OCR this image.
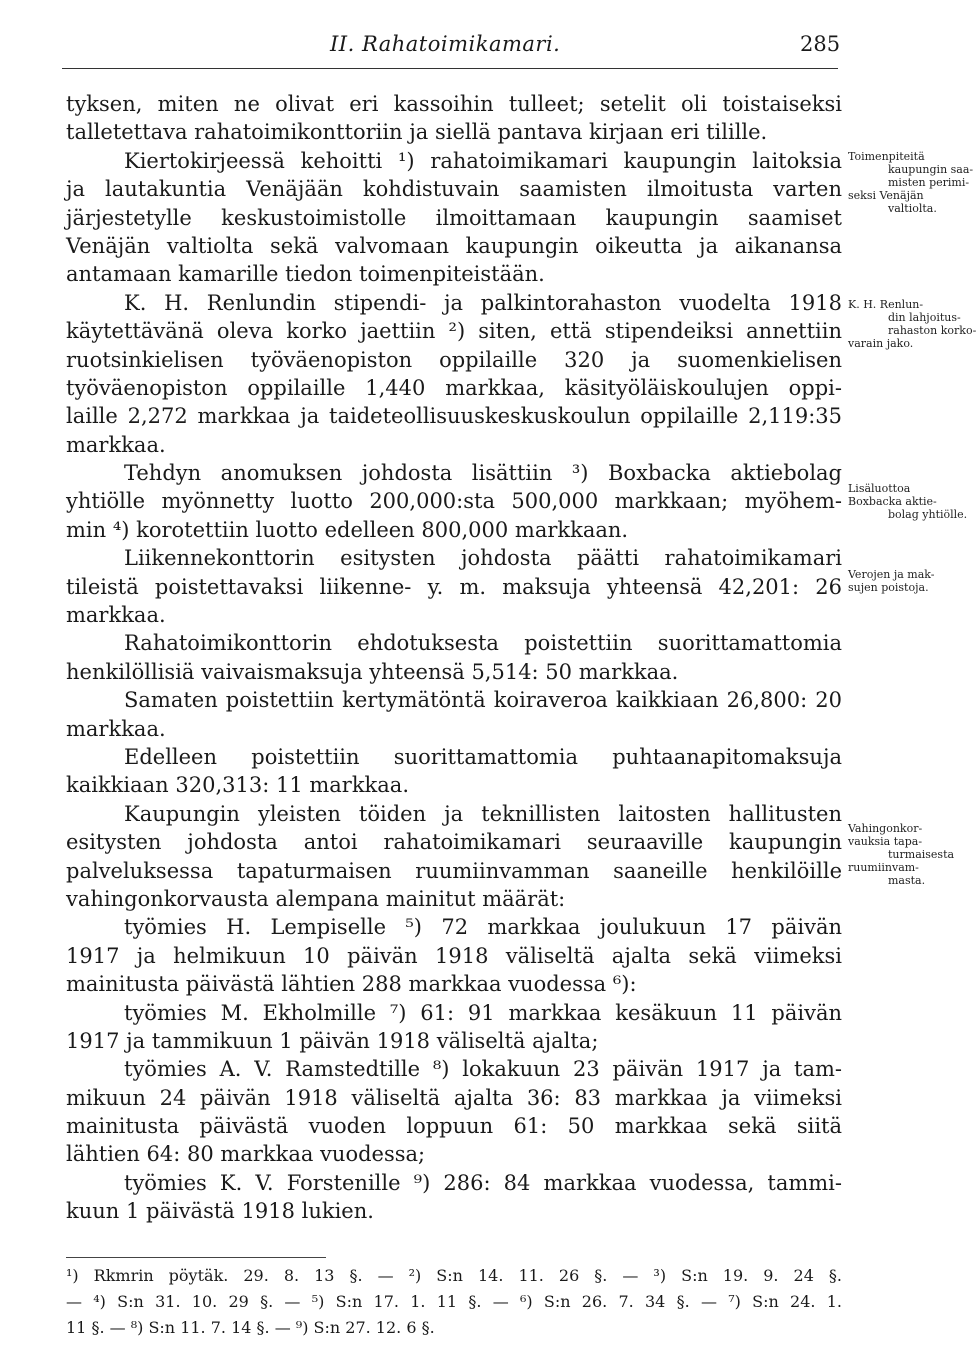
II. Rahatoimikamari.	285
tyksen, miten ne olivat eri kassoihin tulleet; setelit oli toistaiseksi
talletettava rahatoimikonttoriin ja siellä pantava kirjaan eri tilille.
Kiertokirjeessä kehoitti ¹) rahatoimikamari kaupungin laitoksia
ja lautakuntia Venäjään kohdistuvain saamisten ilmoitusta varten
järjestetylle keskustoimistolle ilmoittamaan kaupungin saamiset
Venäjän valtiolta sekä valvomaan kaupungin oikeutta ja aikanansa
antamaan kamarille tiedon toimenpiteistään.
K. H. Renlundin stipendi- ja palkintorahaston vuodelta 1918
käytettävänä oleva korko jaettiin ²) siten, että stipendeiksi annettiin
ruotsinkielisen työväenopiston oppilaille 320 ja suomenkielisen
työväenopiston oppilaille 1,440 markkaa, käsityöläiskoulujen oppi-
laille 2,272 markkaa ja taideteollisuuskeskuskoulun oppilaille 2,119:35
markkaa.
Tehdyn anomuksen johdosta lisättiin ³) Boxbacka aktiebolag
yhtiölle myönnetty luotto 200,000:sta 500,000 markkaan; myöhem-
min ⁴) korotettiin luotto edelleen 800,000 markkaan.
Liikennekonttorin esitysten johdosta päätti rahatoimikamari
tileistä poistettavaksi liikenne- y. m. maksuja yhteensä 42,201: 26
markkaa.
Rahatoimikonttorin ehdotuksesta poistettiin suorittamattomia
henkilöllisiä vaivaismaksuja yhteensä 5,514: 50 markkaa.
Samaten poistettiin kertymätöntä koiraveroa kaikkiaan 26,800: 20
markkaa.
Edelleen poistettiin suorittamattomia puhtaanapitomaksuja
kaikkiaan 320,313: 11 markkaa.
Kaupungin yleisten töiden ja teknillisten laitosten hallitusten
esitysten johdosta antoi rahatoimikamari seuraaville kaupungin
palveluksessa tapaturmaisen ruumiinvamman saaneille henkilöille
vahingonkorvausta alempana mainitut määrät:
työmies H. Lempiselle ⁵) 72 markkaa joulukuun 17 päivän
1917 ja helmikuun 10 päivän 1918 väliseltä ajalta sekä viimeksi
mainitusta päivästä lähtien 288 markkaa vuodessa ⁶):
työmies M. Ekholmille ⁷) 61: 91 markkaa kesäkuun 11 päivän
1917 ja tammikuun 1 päivän 1918 väliseltä ajalta;
työmies A. V. Ramstedtille ⁸) lokakuun 23 päivän 1917 ja tam-
mikuun 24 päivän 1918 väliseltä ajalta 36: 83 markkaa ja viimeksi
mainitusta päivästä vuoden loppuun 61: 50 markkaa sekä siitä
lähtien 64: 80 markkaa vuodessa;
työmies K. V. Forstenille ⁹) 286: 84 markkaa vuodessa, tammi-
kuun 1 päivästä 1918 lukien.
Toimenpiteitä
kaupungin saa-
misten perimi-
seksi Venäjän
valtiolta.
K. H. Renlun-
din lahjoitus-
rahaston korko-
varain jako.
Lisäluottoa
Boxbacka aktie-
bolag yhtiölle.
Verojen ja mak-
sujen poistoja.
Vahingonkor-
vauksia tapa-
turmaisesta
ruumiinvam-
masta.
¹) Rkmrin pöytäk. 29. 8. 13 §. — ²) S:n 14. 11. 26 §. — ³) S:n 19. 9. 24 §.
— ⁴) S:n 31. 10. 29 §. — ⁵) S:n 17. 1. 11 §. — ⁶) S:n 26. 7. 34 §. — ⁷) S:n 24. 1.
11 §. — ⁸) S:n 11. 7. 14 §. — ⁹) S:n 27. 12. 6 §.
